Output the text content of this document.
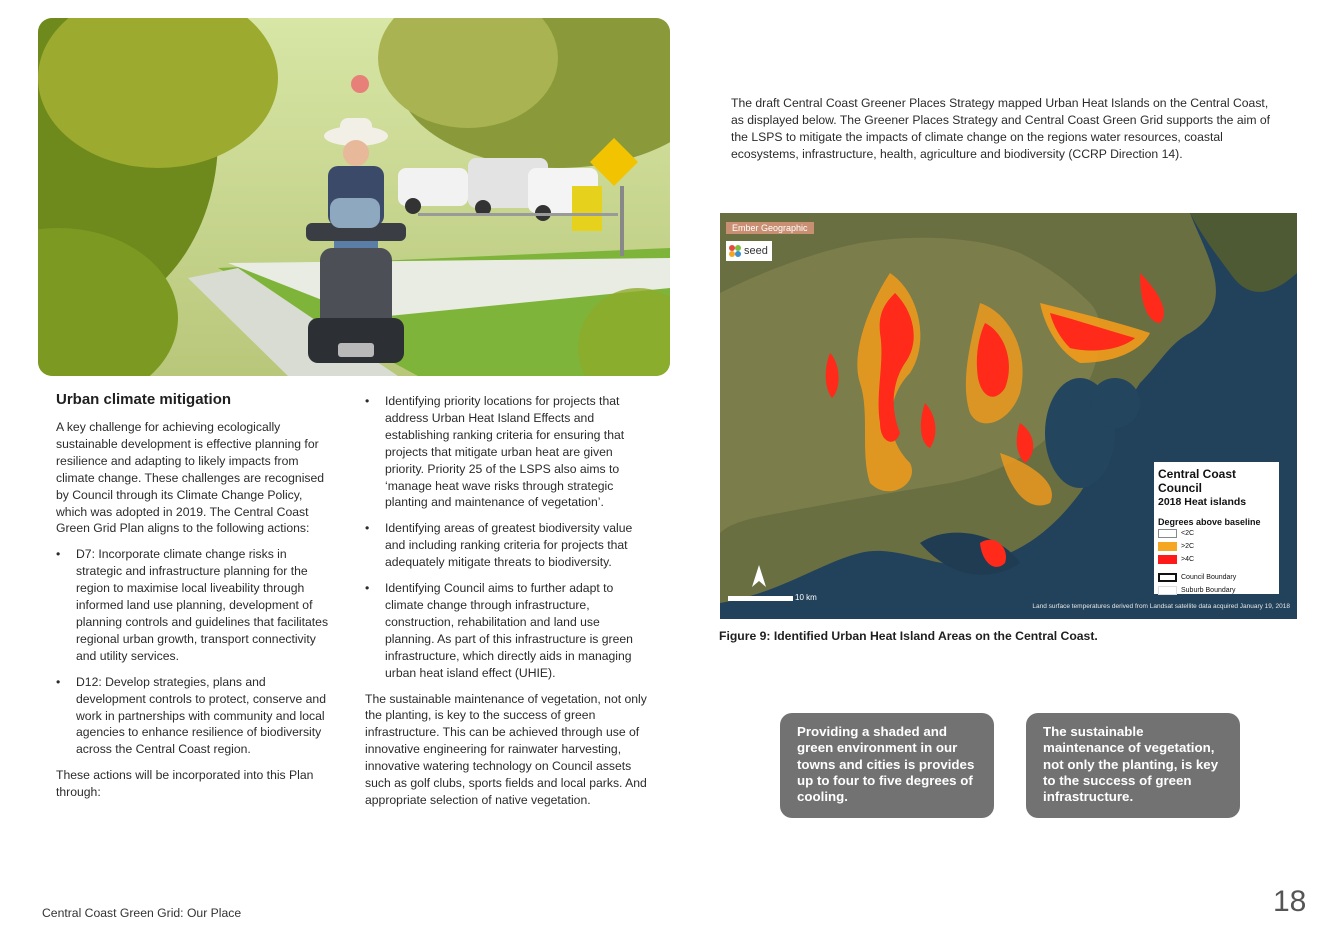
Urban climate mitigation

A key challenge for achieving ecologically sustainable development is effective planning for resilience and adapting to likely impacts from climate change. These challenges are recognised by Council through its Climate Change Policy, which was adopted in 2019. The Central Coast Green Grid Plan aligns to the following actions:

• D7: Incorporate climate change risks in strategic and infrastructure planning for the region to maximise local liveability through informed land use planning, development of planning controls and guidelines that facilitates regional urban growth, transport connectivity and utility services.
• D12: Develop strategies, plans and development controls to protect, conserve and work in partnerships with community and local agencies to enhance resilience of biodiversity across the Central Coast region.

These actions will be incorporated into this Plan through:

• Identifying priority locations for projects that address Urban Heat Island Effects and establishing ranking criteria for ensuring that projects that mitigate urban heat are given priority. Priority 25 of the LSPS also aims to ‘manage heat wave risks through strategic planting and maintenance of vegetation’.
• Identifying areas of greatest biodiversity value and including ranking criteria for projects that adequately mitigate threats to biodiversity.
• Identifying Council aims to further adapt to climate change through infrastructure, construction, rehabilitation and land use planning. As part of this infrastructure is green infrastructure, which directly aids in managing urban heat island effect (UHIE).

The sustainable maintenance of vegetation, not only the planting, is key to the success of green infrastructure. This can be achieved through use of innovative engineering for rainwater harvesting, innovative watering technology on Council assets such as golf clubs, sports fields and local parks. And appropriate selection of native vegetation.

The draft Central Coast Greener Places Strategy mapped Urban Heat Islands on the Central Coast, as displayed below. The Greener Places Strategy and Central Coast Green Grid supports the aim of the LSPS to mitigate the impacts of climate change on the regions water resources, coastal ecosystems, infrastructure, health, agriculture and biodiversity (CCRP Direction 14).

Ember Geographic
seed
10 km
Land surface temperatures derived from Landsat satellite data acquired January 19, 2018
Central Coast Council
2018 Heat islands
Degrees above baseline
<2C
>2C
>4C
Council Boundary
Suburb Boundary

Figure 9: Identified Urban Heat Island Areas on the Central Coast.

Providing a shaded and green environment in our towns and cities is provides up to four to five degrees of cooling.
The sustainable maintenance of vegetation, not only the planting, is key to the success of green infrastructure.
Central Coast Green Grid: Our Place	18
